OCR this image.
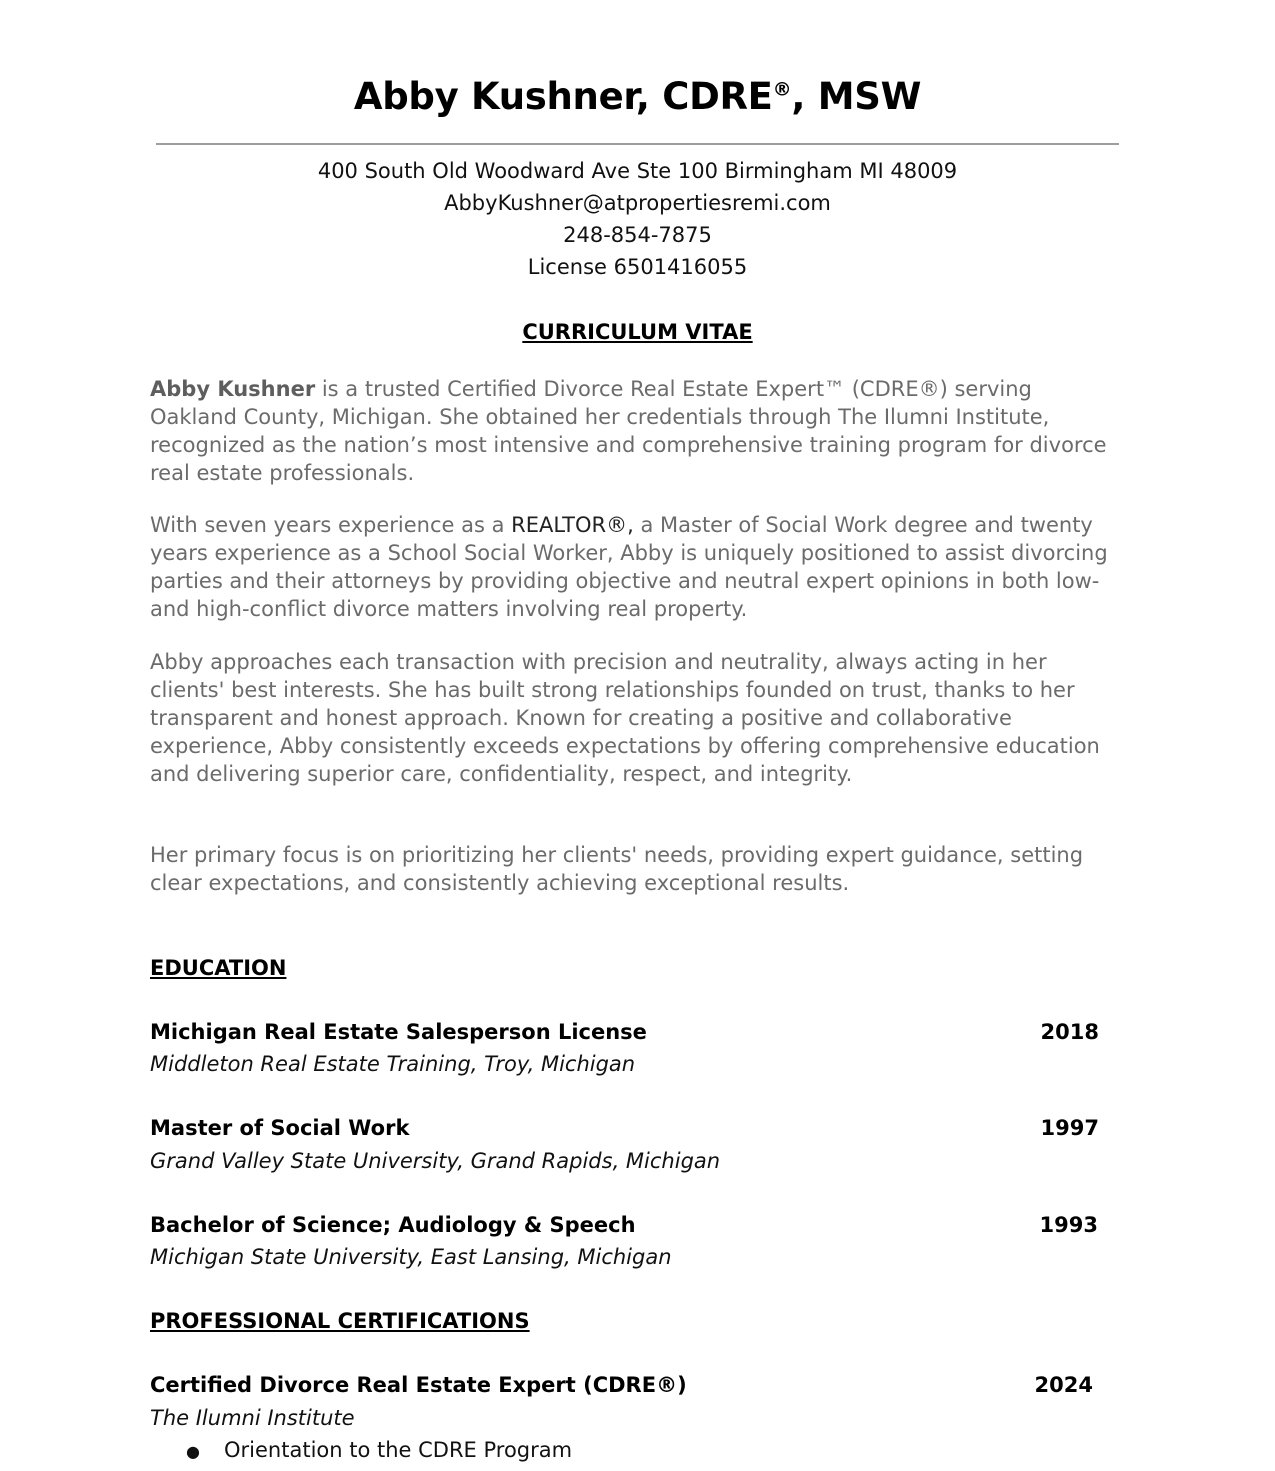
Abby Kushner, CDRE®, MSW
400 South Old Woodward Ave Ste 100 Birmingham MI 48009
AbbyKushner@atpropertiesremi.com
248-854-7875
License 6501416055
CURRICULUM VITAE
Abby Kushner is a trusted Certified Divorce Real Estate Expert™ (CDRE®) serving Oakland County, Michigan. She obtained her credentials through The Ilumni Institute, recognized as the nation’s most intensive and comprehensive training program for divorce real estate professionals.
With seven years experience as a REALTOR®, a Master of Social Work degree and twenty years experience as a School Social Worker, Abby is uniquely positioned to assist divorcing parties and their attorneys by providing objective and neutral expert opinions in both low- and high-conflict divorce matters involving real property.
Abby approaches each transaction with precision and neutrality, always acting in her clients' best interests. She has built strong relationships founded on trust, thanks to her transparent and honest approach. Known for creating a positive and collaborative experience, Abby consistently exceeds expectations by offering comprehensive education and delivering superior care, confidentiality, respect, and integrity.
Her primary focus is on prioritizing her clients' needs, providing expert guidance, setting clear expectations, and consistently achieving exceptional results.
EDUCATION
Michigan Real Estate Salesperson License	2018
Middleton Real Estate Training, Troy, Michigan
Master of Social Work	1997
Grand Valley State University, Grand Rapids, Michigan
Bachelor of Science; Audiology & Speech	1993
Michigan State University, East Lansing, Michigan
PROFESSIONAL CERTIFICATIONS
Certified Divorce Real Estate Expert (CDRE®)	2024
The Ilumni Institute
● Orientation to the CDRE Program
